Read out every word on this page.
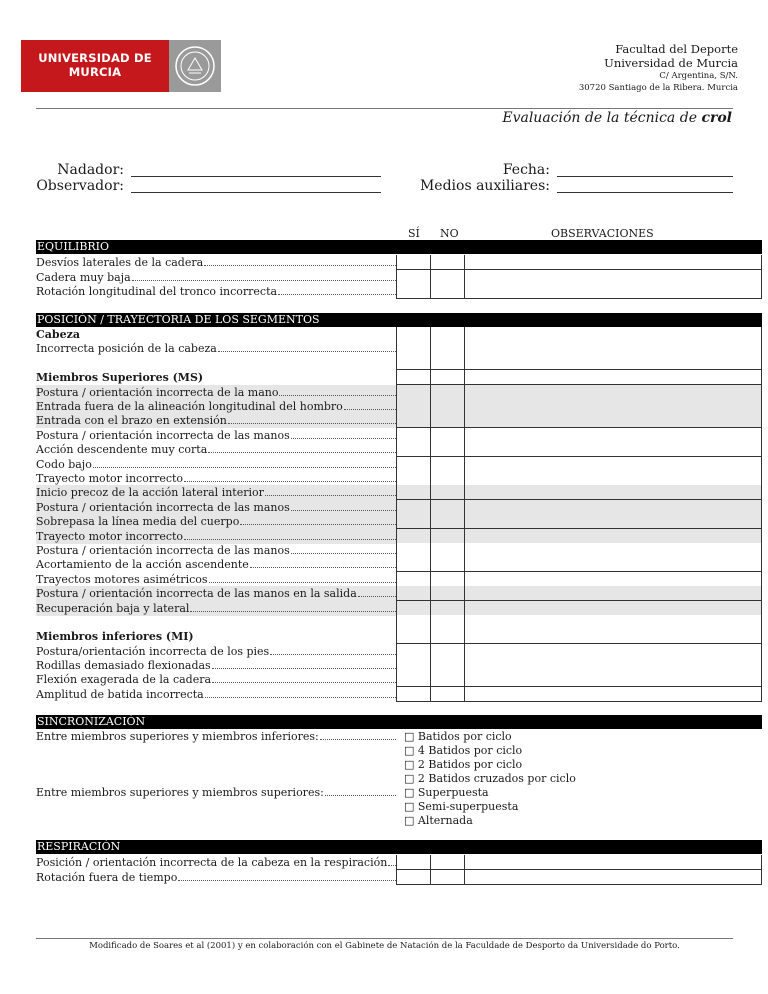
UNIVERSIDAD DE
MURCIA
Facultad del Deporte
Universidad de Murcia
C/ Argentina, S/N.
30720 Santiago de la Ribera. Murcia
Evaluación de la técnica de crol
Nadador:
Observador:
Fecha:
Medios auxiliares:
SÍ NO	OBSERVACIONES
EQUILIBRIO
Desvíos laterales de la cadera
Cadera muy baja
Rotación longitudinal del tronco incorrecta
POSICIÓN / TRAYECTORIA DE LOS SEGMENTOS
Cabeza
Incorrecta posición de la cabeza
Miembros Superiores (MS)
Postura / orientación incorrecta de la mano
Entrada fuera de la alineación longitudinal del hombro
Entrada con el brazo en extensión
Postura / orientación incorrecta de las manos
Acción descendente muy corta
Codo bajo
Trayecto motor incorrecto
Inicio precoz de la acción lateral interior
Postura / orientación incorrecta de las manos
Sobrepasa la línea media del cuerpo
Trayecto motor incorrecto
Postura / orientación incorrecta de las manos
Acortamiento de la acción ascendente
Trayectos motores asimétricos
Postura / orientación incorrecta de las manos en la salida
Recuperación baja y lateral
Miembros inferiores (MI)
Postura/orientación incorrecta de los pies
Rodillas demasiado flexionadas
Flexión exagerada de la cadera
Amplitud de batida incorrecta
SINCRONIZACIÓN
Entre miembros superiores y miembros inferiores:
Entre miembros superiores y miembros superiores:
□ Batidos por ciclo
□ 4 Batidos por ciclo
□ 2 Batidos por ciclo
□ 2 Batidos cruzados por ciclo
□ Superpuesta
□ Semi-superpuesta
□ Alternada
RESPIRACIÓN
Posición / orientación incorrecta de la cabeza en la respiración
Rotación fuera de tiempo
Modificado de Soares et al (2001) y en colaboración con el Gabinete de Natación de la Faculdade de Desporto da Universidade do Porto.
